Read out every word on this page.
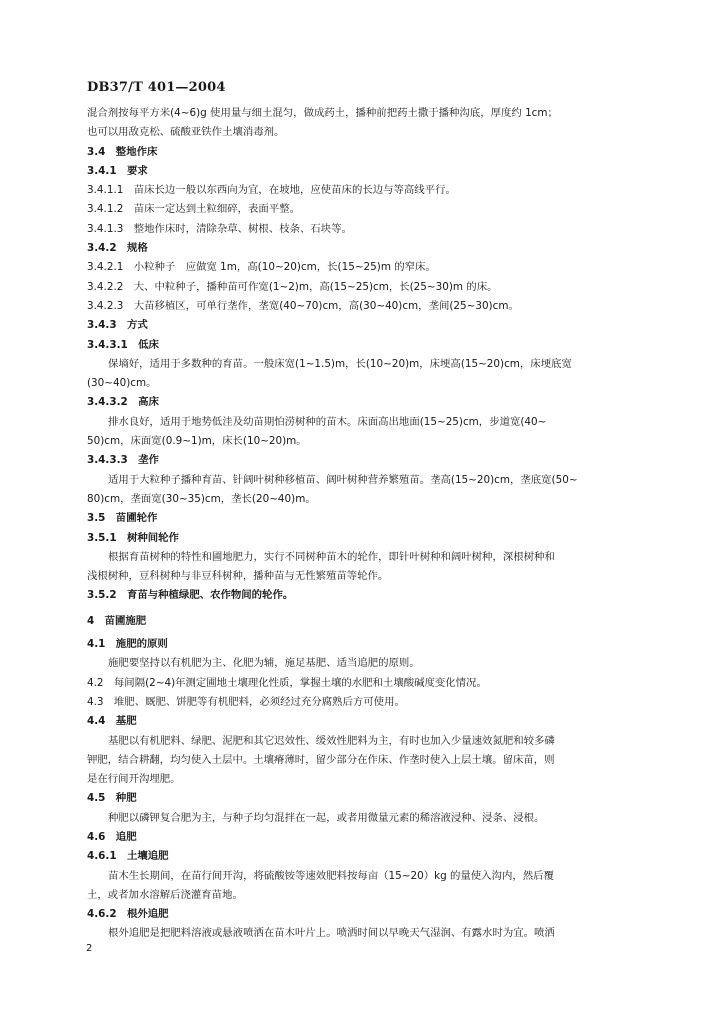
DB37/T 401—2004
混合剂按每平方米(4~6)g 使用量与细土混匀，做成药土，播种前把药土撒于播种沟底，厚度约 1cm；
也可以用敌克松、硫酸亚铁作土壤消毒剂。
3.4　整地作床
3.4.1　要求
3.4.1.1　苗床长边一般以东西向为宜，在坡地，应使苗床的长边与等高线平行。
3.4.1.2　苗床一定达到土粒细碎，表面平整。
3.4.1.3　整地作床时，清除杂草、树根、枝条、石块等。
3.4.2　规格
3.4.2.1　小粒种子　应做宽 1m，高(10~20)cm，长(15~25)m 的窄床。
3.4.2.2　大、中粒种子，播种苗可作宽(1~2)m，高(15~25)cm，长(25~30)m 的床。
3.4.2.3　大苗移植区，可单行垄作，垄宽(40~70)cm，高(30~40)cm，垄间(25~30)cm。
3.4.3　方式
3.4.3.1　低床
保墒好，适用于多数种的育苗。一般床宽(1~1.5)m，长(10~20)m，床埂高(15~20)cm，床埂底宽
(30~40)cm。
3.4.3.2　高床
排水良好，适用于地势低洼及幼苗期怕涝树种的苗木。床面高出地面(15~25)cm，步道宽(40~
50)cm，床面宽(0.9~1)m，床长(10~20)m。
3.4.3.3　垄作
适用于大粒种子播种育苗、针阔叶树种移植苗、阔叶树种营养繁殖苗。垄高(15~20)cm，垄底宽(50~
80)cm，垄面宽(30~35)cm，垄长(20~40)m。
3.5　苗圃轮作
3.5.1　树种间轮作
根据育苗树种的特性和圃地肥力，实行不同树种苗木的轮作，即针叶树种和阔叶树种，深根树种和
浅根树种，豆科树种与非豆科树种，播种苗与无性繁殖苗等轮作。
3.5.2　育苗与种植绿肥、农作物间的轮作。
4　苗圃施肥
4.1　施肥的原则
施肥要坚持以有机肥为主、化肥为辅，施足基肥、适当追肥的原则。
4.2　每间隔(2~4)年测定圃地土壤理化性质，掌握土壤的水肥和土壤酸碱度变化情况。
4.3　堆肥、厩肥、饼肥等有机肥料，必须经过充分腐熟后方可使用。
4.4　基肥
基肥以有机肥料、绿肥、泥肥和其它迟效性、缓效性肥料为主，有时也加入少量速效氮肥和较多磷
钾肥，结合耕翻，均匀使入土层中。土壤瘠薄时，留少部分在作床、作垄时使入上层土壤。留床苗，则
是在行间开沟埋肥。
4.5　种肥
种肥以磷钾复合肥为主，与种子均匀混拌在一起，或者用微量元素的稀溶液浸种、浸条、浸根。
4.6　追肥
4.6.1　土壤追肥
苗木生长期间，在苗行间开沟，将硫酸铵等速效肥料按每亩（15~20）kg 的量使入沟内，然后覆
土，或者加水溶解后浇灌育苗地。
4.6.2　根外追肥
根外追肥是把肥料溶液或悬液喷洒在苗木叶片上。喷洒时间以早晚天气湿润、有露水时为宜。喷洒
2
